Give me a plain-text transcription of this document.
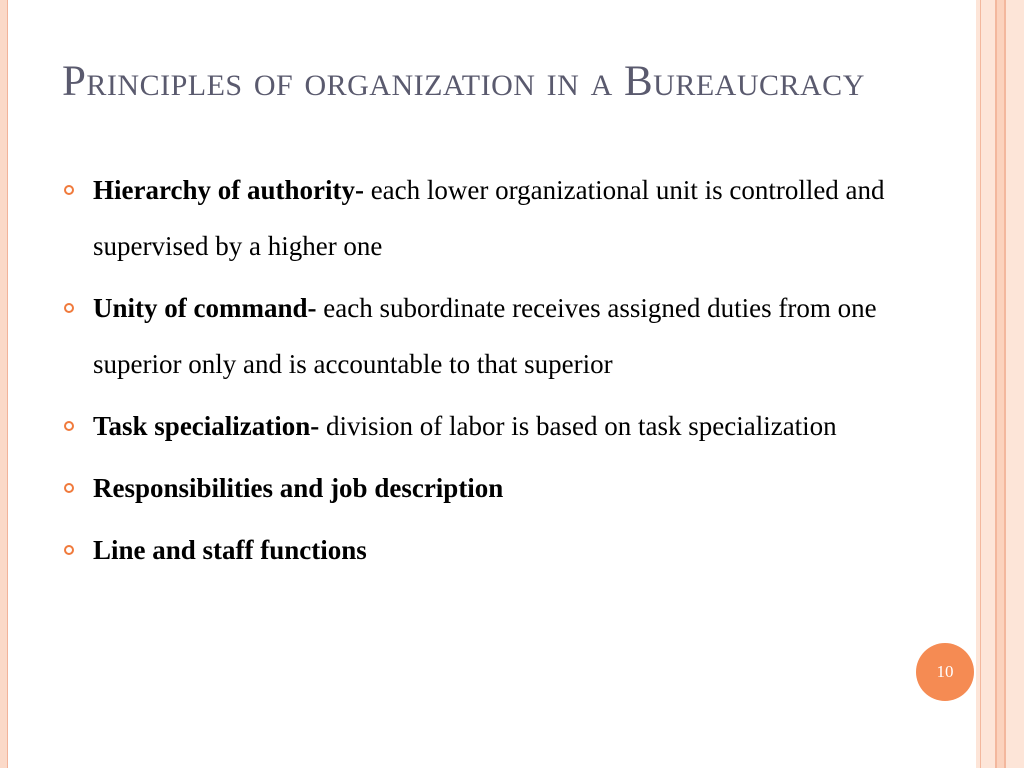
Principles of organization in a Bureaucracy
Hierarchy of authority- each lower organizational unit is controlled and supervised by a higher one
Unity of command- each subordinate receives assigned duties from one superior only and is accountable to that superior
Task specialization- division of labor is based on task specialization
Responsibilities and job description
Line and staff functions
10
